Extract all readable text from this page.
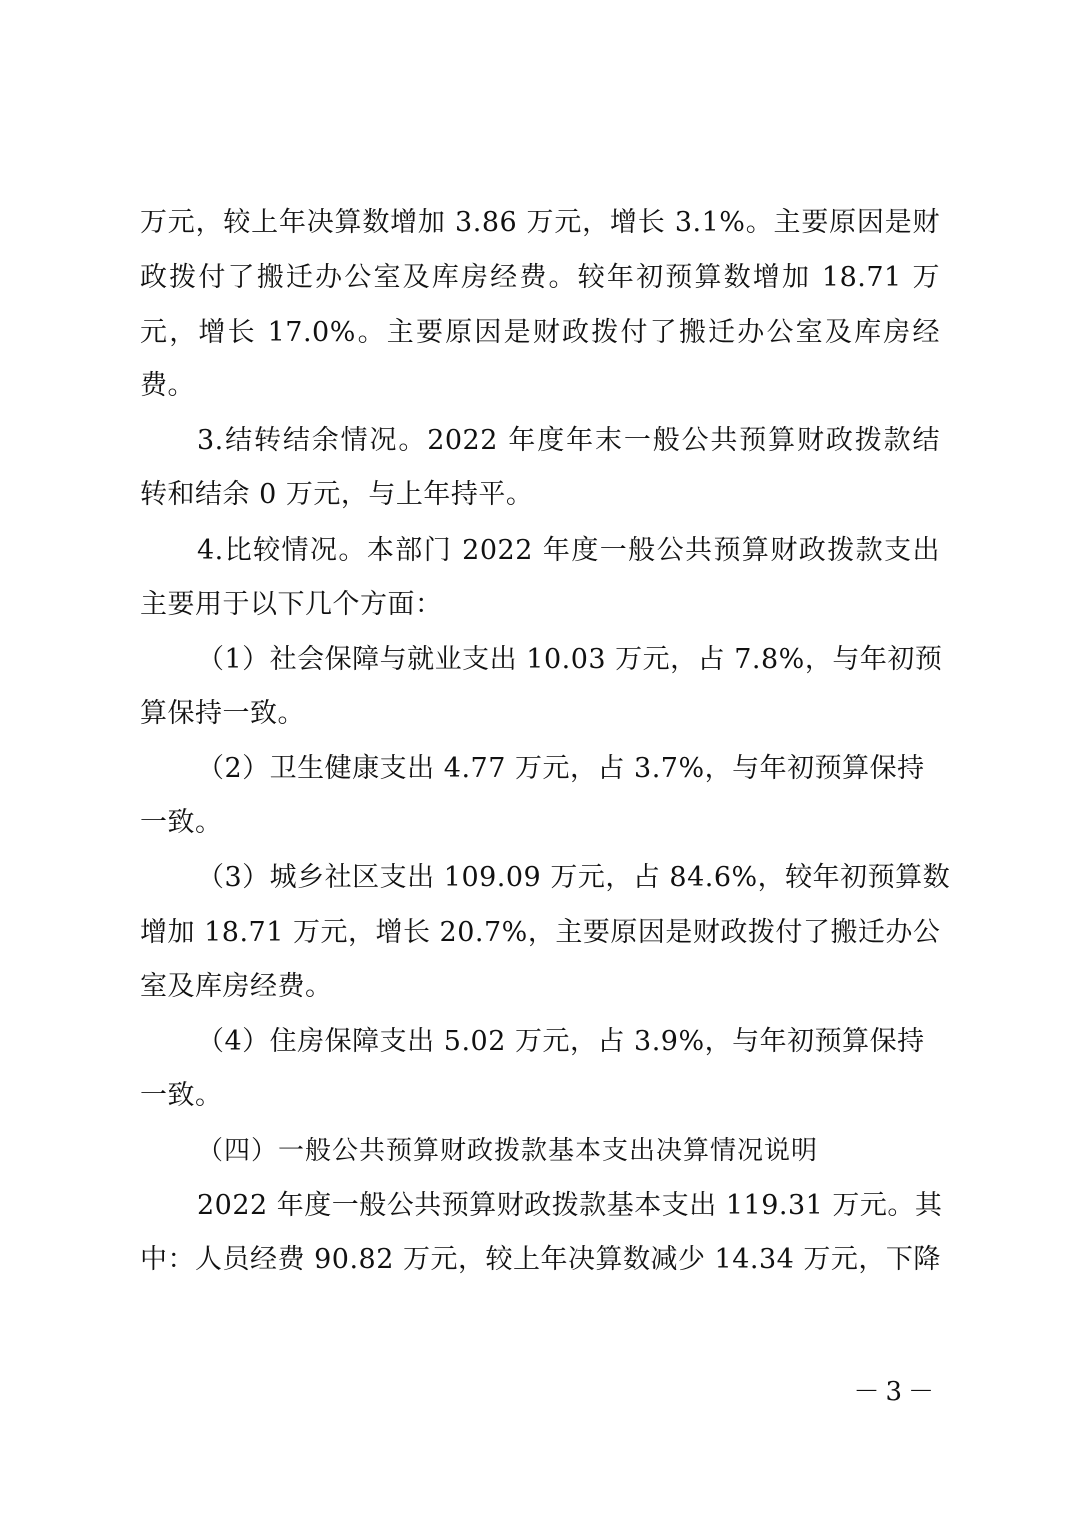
万元，较上年决算数增加 3.86 万元，增长 3.1%。主要原因是财
政拨付了搬迁办公室及库房经费。较年初预算数增加 18.71 万
元，增长 17.0%。主要原因是财政拨付了搬迁办公室及库房经
费。
3.结转结余情况。2022 年度年末一般公共预算财政拨款结
转和结余 0 万元，与上年持平。
4.比较情况。本部门 2022 年度一般公共预算财政拨款支出
主要用于以下几个方面：
（1）社会保障与就业支出 10.03 万元，占 7.8%，与年初预
算保持一致。
（2）卫生健康支出 4.77 万元，占 3.7%，与年初预算保持
一致。
（3）城乡社区支出 109.09 万元，占 84.6%，较年初预算数
增加 18.71 万元，增长 20.7%，主要原因是财政拨付了搬迁办公
室及库房经费。
（4）住房保障支出 5.02 万元，占 3.9%，与年初预算保持
一致。
（四）一般公共预算财政拨款基本支出决算情况说明
2022 年度一般公共预算财政拨款基本支出 119.31 万元。其
中：人员经费 90.82 万元，较上年决算数减少 14.34 万元，下降
－3－
